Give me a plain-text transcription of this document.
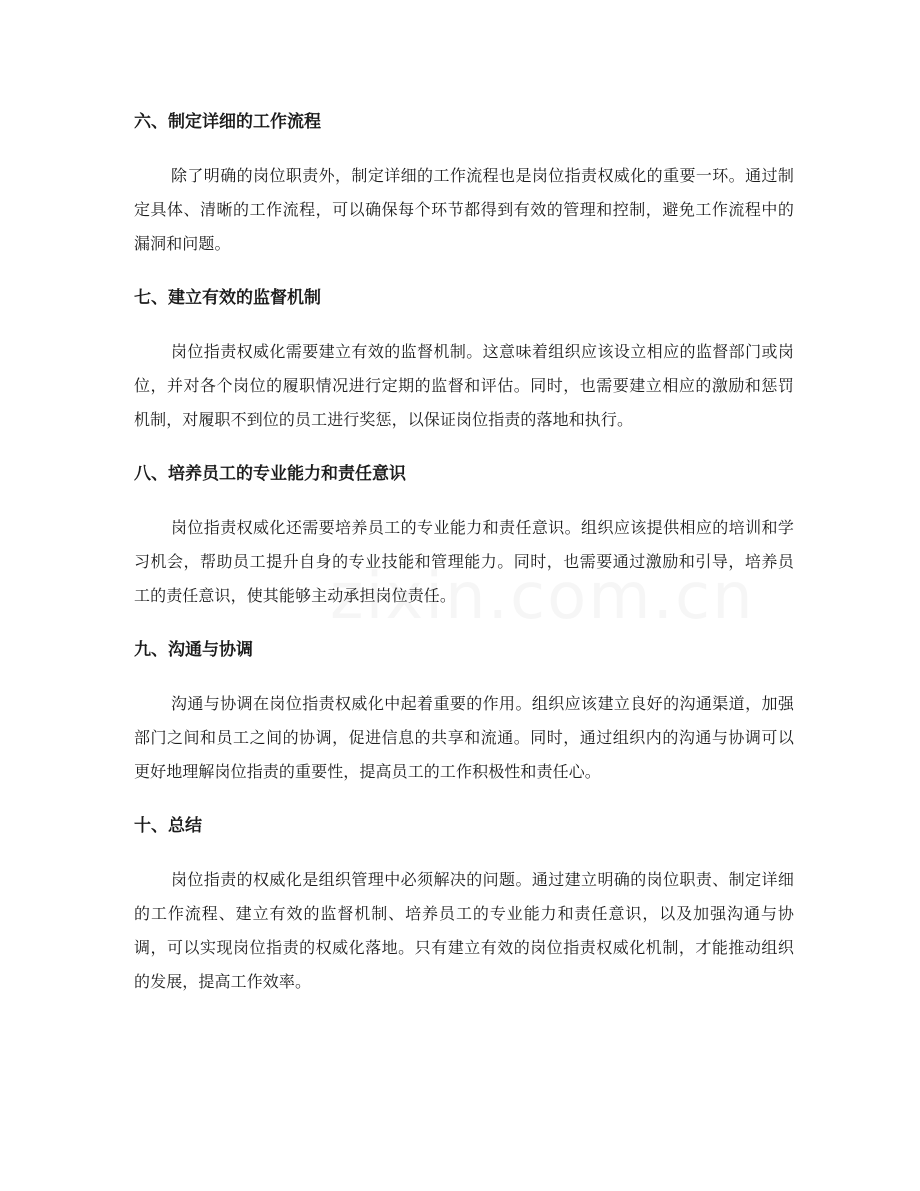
六、制定详细的工作流程

除了明确的岗位职责外，制定详细的工作流程也是岗位指责权威化的重要一环。通过制定具体、清晰的工作流程，可以确保每个环节都得到有效的管理和控制，避免工作流程中的漏洞和问题。

七、建立有效的监督机制

岗位指责权威化需要建立有效的监督机制。这意味着组织应该设立相应的监督部门或岗位，并对各个岗位的履职情况进行定期的监督和评估。同时，也需要建立相应的激励和惩罚机制，对履职不到位的员工进行奖惩，以保证岗位指责的落地和执行。

八、培养员工的专业能力和责任意识

岗位指责权威化还需要培养员工的专业能力和责任意识。组织应该提供相应的培训和学习机会，帮助员工提升自身的专业技能和管理能力。同时，也需要通过激励和引导，培养员工的责任意识，使其能够主动承担岗位责任。

九、沟通与协调

沟通与协调在岗位指责权威化中起着重要的作用。组织应该建立良好的沟通渠道，加强部门之间和员工之间的协调，促进信息的共享和流通。同时，通过组织内的沟通与协调可以更好地理解岗位指责的重要性，提高员工的工作积极性和责任心。

十、总结

岗位指责的权威化是组织管理中必须解决的问题。通过建立明确的岗位职责、制定详细的工作流程、建立有效的监督机制、培养员工的专业能力和责任意识，以及加强沟通与协调，可以实现岗位指责的权威化落地。只有建立有效的岗位指责权威化机制，才能推动组织的发展，提高工作效率。
